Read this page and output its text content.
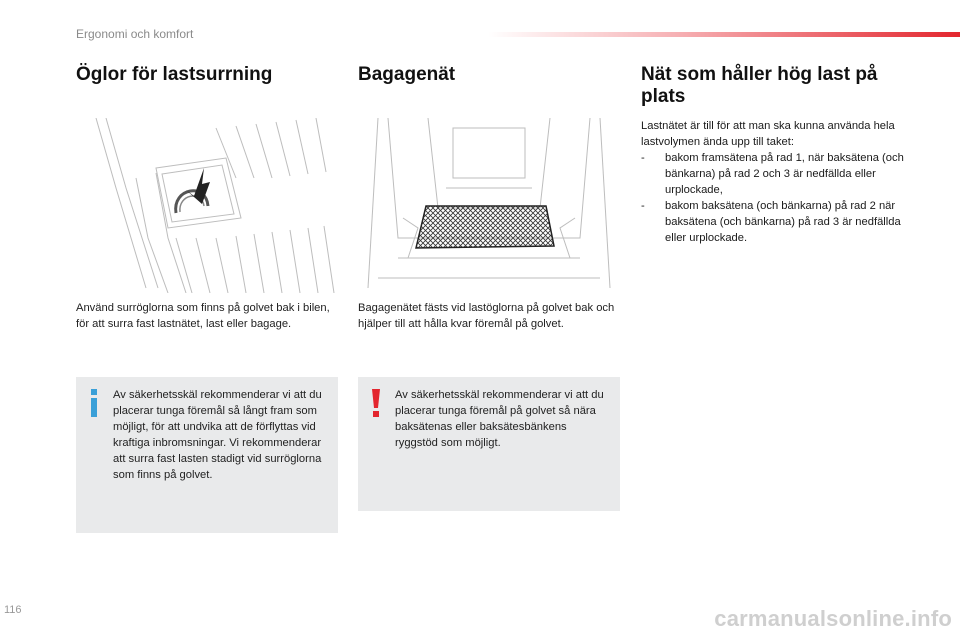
Ergonomi och komfort
Öglor för lastsurrning
Använd surröglorna som finns på golvet bak i bilen, för att surra fast lastnätet, last eller bagage.
Av säkerhetsskäl rekommenderar vi att du placerar tunga föremål så långt fram som möjligt, för att undvika att de förflyttas vid kraftiga inbromsningar. Vi rekommenderar att surra fast lasten stadigt vid surröglorna som finns på golvet.
Bagagenät
Bagagenätet fästs vid lastöglorna på golvet bak och hjälper till att hålla kvar föremål på golvet.
Av säkerhetsskäl rekommenderar vi att du placerar tunga föremål på golvet så nära baksätenas eller baksätesbänkens ryggstöd som möjligt.
Nät som håller hög last på plats
Lastnätet är till för att man ska kunna använda hela lastvolymen ända upp till taket:
- bakom framsätena på rad 1, när baksätena (och bänkarna) på rad 2 och 3 är nedfällda eller urplockade,
- bakom baksätena (och bänkarna) på rad 2 när baksätena (och bänkarna) på rad 3 är nedfällda eller urplockade.
116	carmanualsonline.info
